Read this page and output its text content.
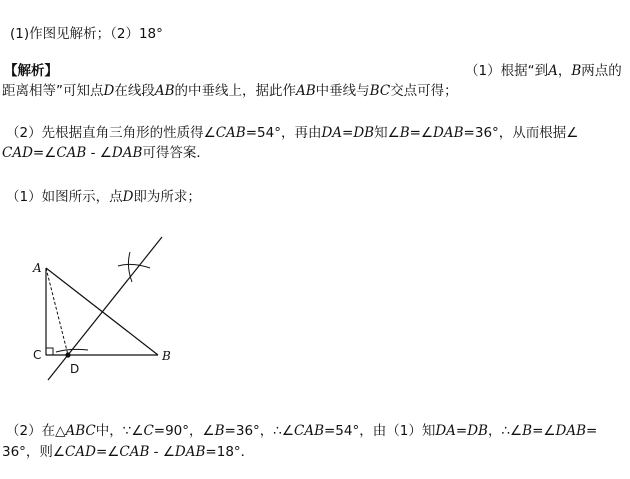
(1)作图见解析；（2）18°
【解析】	（1）根据“到A，B两点的
距离相等”可知点D在线段AB的中垂线上，据此作AB中垂线与BC交点可得；
（2）先根据直角三角形的性质得∠CAB=54°，再由DA=DB知∠B=∠DAB=36°，从而根据∠
CAD=∠CAB - ∠DAB可得答案．
（1）如图所示，点D即为所求；
A
B
C
D
（2）在△ABC中，∵∠C=90°，∠B=36°，∴∠CAB=54°，由（1）知DA=DB，∴∠B=∠DAB=
36°，则∠CAD=∠CAB - ∠DAB=18°．
